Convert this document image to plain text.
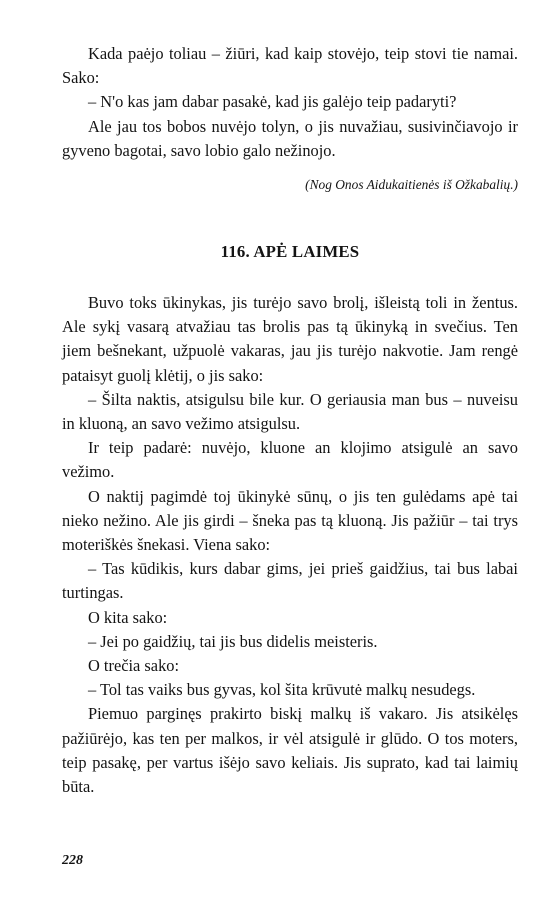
Kada paėjo toliau – žiūri, kad kaip stovėjo, teip stovi tie namai. Sako:

– N'o kas jam dabar pasakė, kad jis galėjo teip padaryti?

Ale jau tos bobos nuvėjo tolyn, o jis nuvažiau, susivinčiavojo ir gyveno bagotai, savo lobio galo nežinojo.

(Nog Onos Aidukaitienės iš Ožkabalių.)

116. APĖ LAIMES

Buvo toks ūkinykas, jis turėjo savo brolį, išleistą toli in žentus. Ale sykį vasarą atvažiau tas brolis pas tą ūkinyką in svečius. Ten jiem bešnekant, užpuolė vakaras, jau jis turėjo nakvotie. Jam rengė pataisyt guolį klėtij, o jis sako:

– Šilta naktis, atsigulsu bile kur. O geriausia man bus – nuveisu in kluoną, an savo vežimo atsigulsu.

Ir teip padarė: nuvėjo, kluone an klojimo atsigulė an savo vežimo.

O naktij pagimdė toj ūkinykė sūnų, o jis ten gulėdams apė tai nieko nežino. Ale jis girdi – šneka pas tą kluoną. Jis pažiūr – tai trys moteriškės šnekasi. Viena sako:

– Tas kūdikis, kurs dabar gims, jei prieš gaidžius, tai bus labai turtingas.

O kita sako:

– Jei po gaidžių, tai jis bus didelis meisteris.

O trečia sako:

– Tol tas vaiks bus gyvas, kol šita krūvutė malkų nesudegs.

Piemuo parginęs prakirto biskį malkų iš vakaro. Jis atsikėlęs pažiūrėjo, kas ten per malkos, ir vėl atsigulė ir glūdo. O tos moters, teip pasakę, per vartus išėjo savo keliais. Jis suprato, kad tai laimių būta.

228
